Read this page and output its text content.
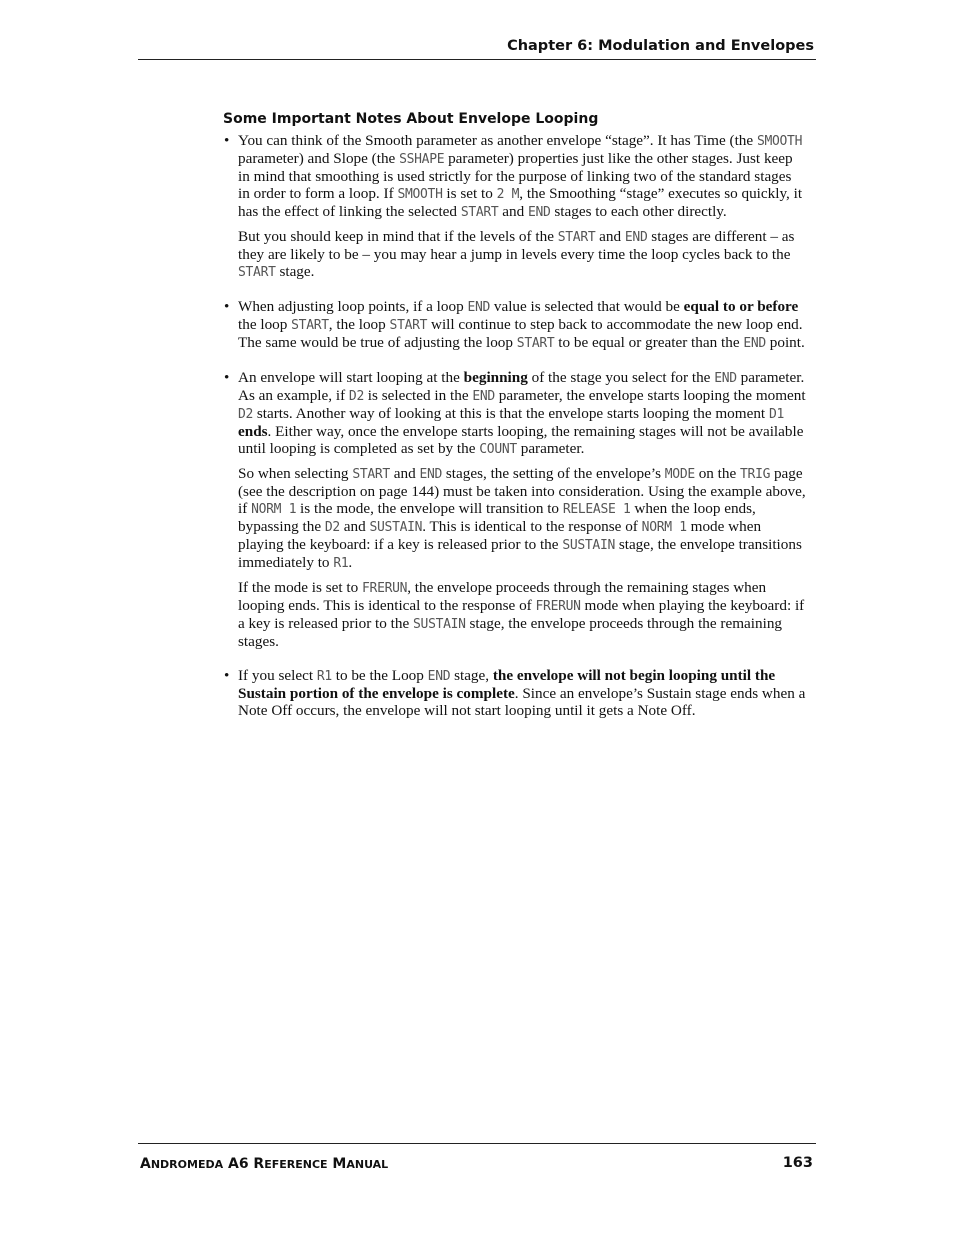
Chapter 6: Modulation and Envelopes
Some Important Notes About Envelope Looping
• You can think of the Smooth parameter as another envelope “stage”. It has Time (the SMOOTH parameter) and Slope (the SSHAPE parameter) properties just like the other stages. Just keep in mind that smoothing is used strictly for the purpose of linking two of the standard stages in order to form a loop. If SMOOTH is set to 2 M, the Smoothing “stage” executes so quickly, it has the effect of linking the selected START and END stages to each other directly.

But you should keep in mind that if the levels of the START and END stages are different – as they are likely to be – you may hear a jump in levels every time the loop cycles back to the START stage.

• When adjusting loop points, if a loop END value is selected that would be equal to or before the loop START, the loop START will continue to step back to accommodate the new loop end. The same would be true of adjusting the loop START to be equal or greater than the END point.

• An envelope will start looping at the beginning of the stage you select for the END parameter. As an example, if D2 is selected in the END parameter, the envelope starts looping the moment D2 starts. Another way of looking at this is that the envelope starts looping the moment D1 ends. Either way, once the envelope starts looping, the remaining stages will not be available until looping is completed as set by the COUNT parameter.

So when selecting START and END stages, the setting of the envelope’s MODE on the TRIG page (see the description on page 144) must be taken into consideration. Using the example above, if NORM 1 is the mode, the envelope will transition to RELEASE 1 when the loop ends, bypassing the D2 and SUSTAIN. This is identical to the response of NORM 1 mode when playing the keyboard: if a key is released prior to the SUSTAIN stage, the envelope transitions immediately to R1.

If the mode is set to FRERUN, the envelope proceeds through the remaining stages when looping ends. This is identical to the response of FRERUN mode when playing the keyboard: if a key is released prior to the SUSTAIN stage, the envelope proceeds through the remaining stages.

• If you select R1 to be the Loop END stage, the envelope will not begin looping until the Sustain portion of the envelope is complete. Since an envelope’s Sustain stage ends when a Note Off occurs, the envelope will not start looping until it gets a Note Off.

ANDROMEDA A6 REFERENCE MANUAL	163
